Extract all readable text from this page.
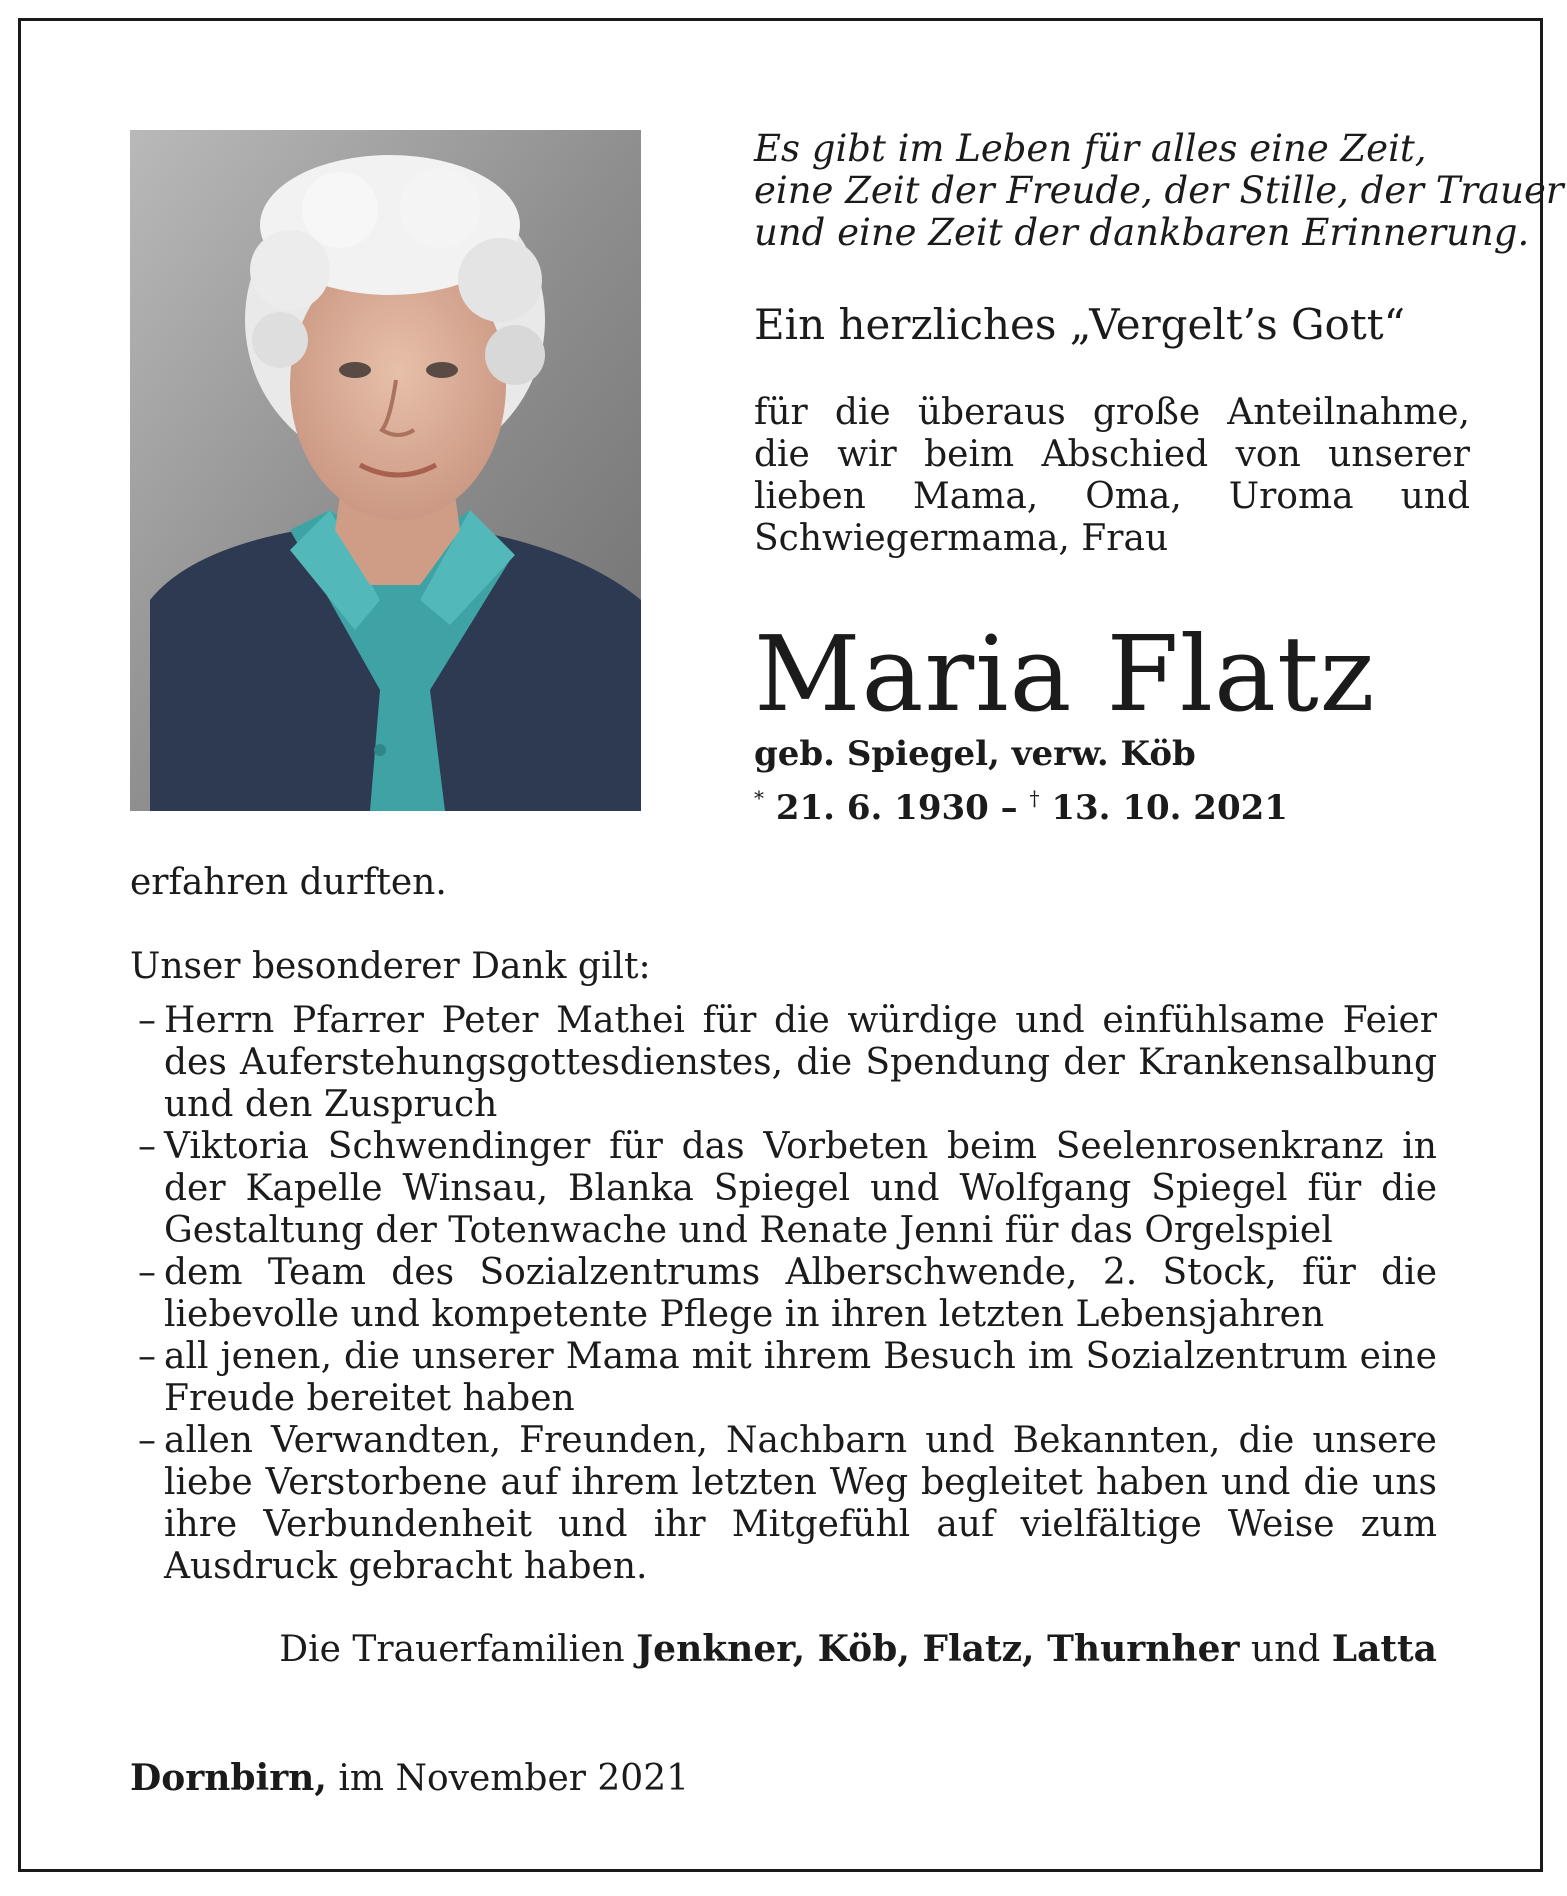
Es gibt im Leben für alles eine Zeit,
eine Zeit der Freude, der Stille, der Trauer
und eine Zeit der dankbaren Erinnerung.
Ein herzliches „Vergelt’s Gott“
für die überaus große Anteilnahme, die wir beim Abschied von unserer lieben Mama, Oma, Uroma und Schwiegermama, Frau
Maria Flatz
geb. Spiegel, verw. Köb
* 21. 6. 1930 – † 13. 10. 2021
erfahren durften.
Unser besonderer Dank gilt:
– Herrn Pfarrer Peter Mathei für die würdige und einfühlsame Feier des Auferstehungsgottesdienstes, die Spendung der Krankensalbung und den Zuspruch
– Viktoria Schwendinger für das Vorbeten beim Seelenrosenkranz in der Kapelle Winsau, Blanka Spiegel und Wolfgang Spiegel für die Gestaltung der Totenwache und Renate Jenni für das Orgelspiel
– dem Team des Sozialzentrums Alberschwende, 2. Stock, für die liebevolle und kompetente Pflege in ihren letzten Lebensjahren
– all jenen, die unserer Mama mit ihrem Besuch im Sozialzentrum eine Freude bereitet haben
– allen Verwandten, Freunden, Nachbarn und Bekannten, die unsere liebe Verstorbene auf ihrem letzten Weg begleitet haben und die uns ihre Verbundenheit und ihr Mitgefühl auf vielfältige Weise zum Ausdruck gebracht haben.
Die Trauerfamilien Jenkner, Köb, Flatz, Thurnher und Latta
Dornbirn, im November 2021
